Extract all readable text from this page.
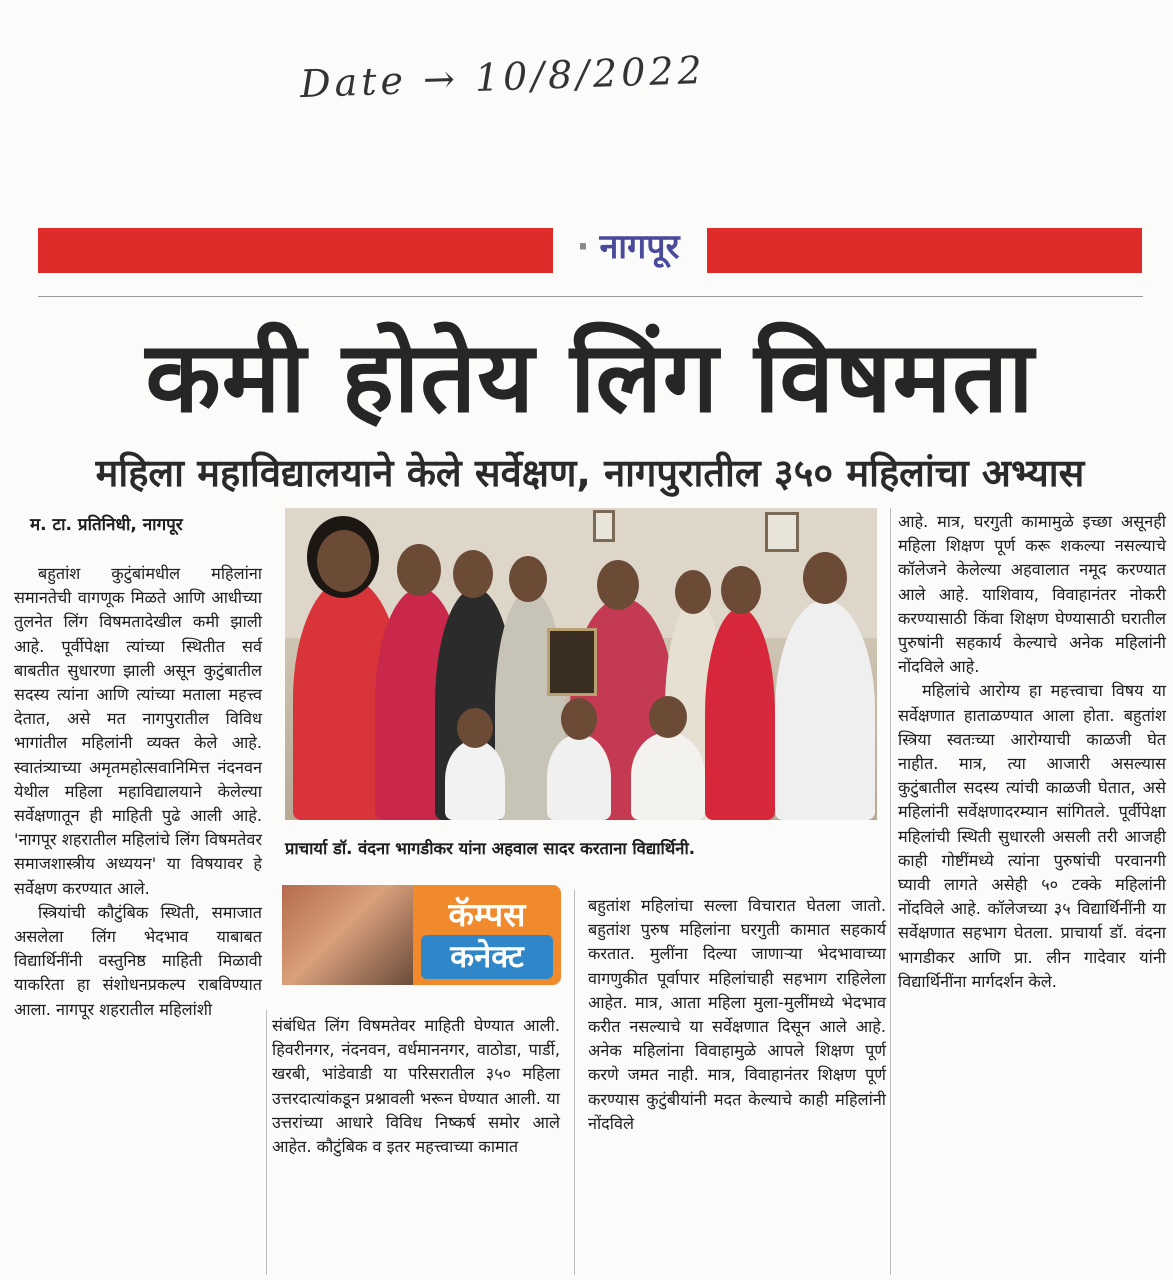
Date → 10/8/2022
· नागपूर
कमी होतेय लिंग विषमता
महिला महाविद्यालयाने केले सर्वेक्षण, नागपुरातील ३५० महिलांचा अभ्यास
म. टा. प्रतिनिधी, नागपूर

बहुतांश कुटुंबांमधील महिलांना समानतेची वागणूक मिळते आणि आधीच्या तुलनेत लिंग विषमतादेखील कमी झाली आहे. पूर्वीपेक्षा त्यांच्या स्थितीत सर्व बाबतीत सुधारणा झाली असून कुटुंबातील सदस्य त्यांना आणि त्यांच्या मताला महत्त्व देतात, असे मत नागपुरातील विविध भागांतील महिलांनी व्यक्त केले आहे. स्वातंत्र्याच्या अमृतमहोत्सवानिमित्त नंदनवन येथील महिला महाविद्यालयाने केलेल्या सर्वेक्षणातून ही माहिती पुढे आली आहे. 'नागपूर शहरातील महिलांचे लिंग विषमतेवर समाजशास्त्रीय अध्ययन' या विषयावर हे सर्वेक्षण करण्यात आले.

स्त्रियांची कौटुंबिक स्थिती, समाजात असलेला लिंग भेदभाव याबाबत विद्यार्थिनींनी वस्तुनिष्ठ माहिती मिळावी याकरिता हा संशोधनप्रकल्प राबविण्यात आला. नागपूर शहरातील महिलांशी

प्राचार्या डॉ. वंदना भागडीकर यांना अहवाल सादर करताना विद्यार्थिनी.
कॅम्पस
कनेक्ट

संबंधित लिंग विषमतेवर माहिती घेण्यात आली. हिवरीनगर, नंदनवन, वर्धमाननगर, वाठोडा, पार्डी, खरबी, भांडेवाडी या परिसरातील ३५० महिला उत्तरदात्यांकडून प्रश्नावली भरून घेण्यात आली. या उत्तरांच्या आधारे विविध निष्कर्ष समोर आले आहेत. कौटुंबिक व इतर महत्त्वाच्या कामात

बहुतांश महिलांचा सल्ला विचारात घेतला जातो. बहुतांश पुरुष महिलांना घरगुती कामात सहकार्य करतात. मुलींना दिल्या जाणाऱ्या भेदभावाच्या वागणुकीत पूर्वापार महिलांचाही सहभाग राहिलेला आहेत. मात्र, आता महिला मुला-मुलींमध्ये भेदभाव करीत नसल्याचे या सर्वेक्षणात दिसून आले आहे. अनेक महिलांना विवाहामुळे आपले शिक्षण पूर्ण करणे जमत नाही. मात्र, विवाहानंतर शिक्षण पूर्ण करण्यास कुटुंबीयांनी मदत केल्याचे काही महिलांनी नोंदविले

आहे. मात्र, घरगुती कामामुळे इच्छा असूनही महिला शिक्षण पूर्ण करू शकल्या नसल्याचे कॉलेजने केलेल्या अहवालात नमूद करण्यात आले आहे. याशिवाय, विवाहानंतर नोकरी करण्यासाठी किंवा शिक्षण घेण्यासाठी घरातील पुरुषांनी सहकार्य केल्याचे अनेक महिलांनी नोंदविले आहे.

महिलांचे आरोग्य हा महत्त्वाचा विषय या सर्वेक्षणात हाताळण्यात आला होता. बहुतांश स्त्रिया स्वतःच्या आरोग्याची काळजी घेत नाहीत. मात्र, त्या आजारी असल्यास कुटुंबातील सदस्य त्यांची काळजी घेतात, असे महिलांनी सर्वेक्षणादरम्यान सांगितले. पूर्वीपेक्षा महिलांची स्थिती सुधारली असली तरी आजही काही गोष्टींमध्ये त्यांना पुरुषांची परवानगी घ्यावी लागते असेही ५० टक्के महिलांनी नोंदविले आहे. कॉलेजच्या ३५ विद्यार्थिनींनी या सर्वेक्षणात सहभाग घेतला. प्राचार्या डॉ. वंदना भागडीकर आणि प्रा. लीन गादेवार यांनी विद्यार्थिनींना मार्गदर्शन केले.
